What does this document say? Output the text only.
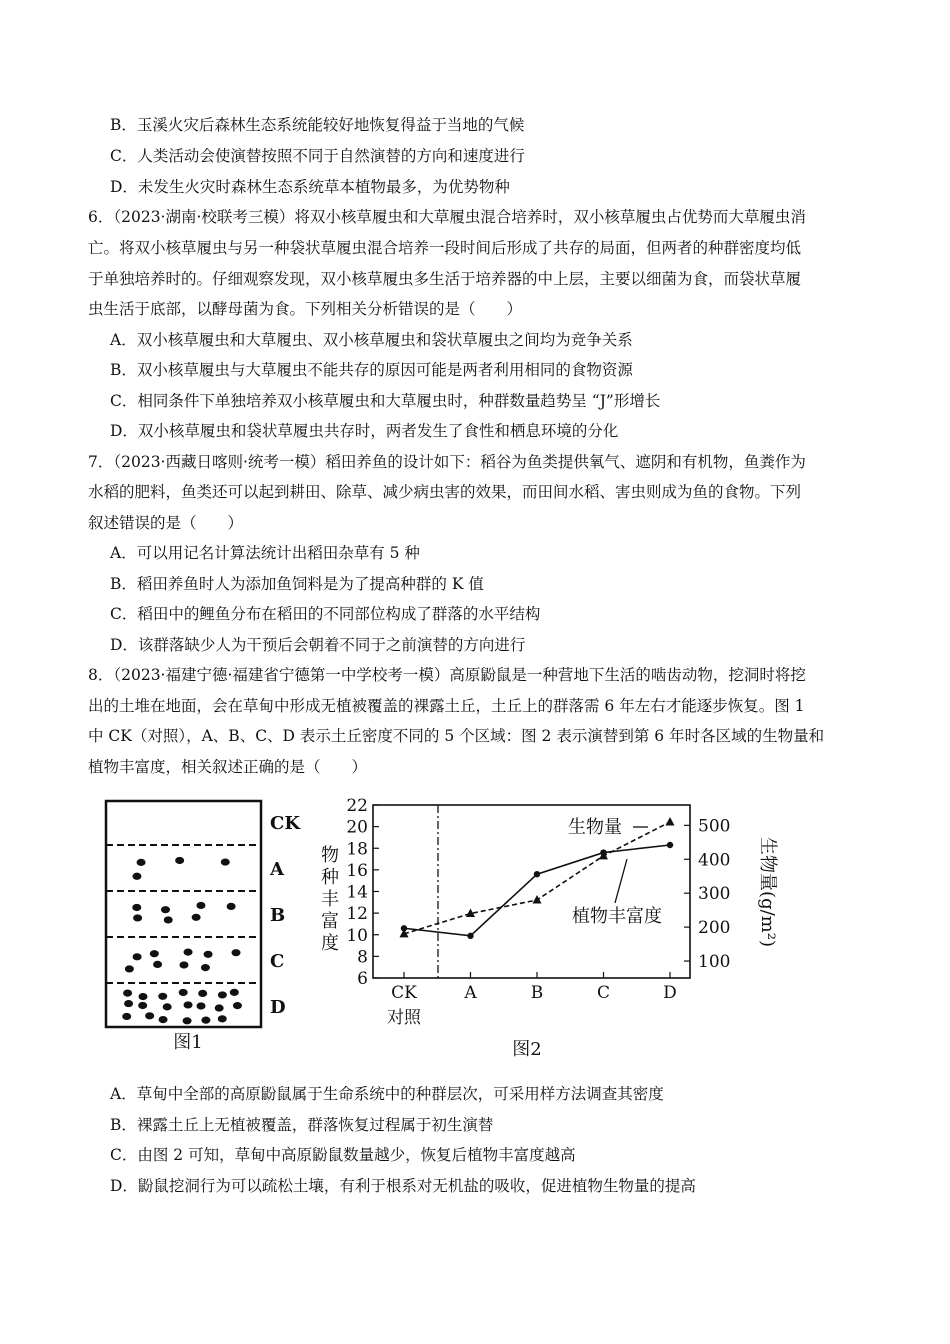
B．玉溪火灾后森林生态系统能较好地恢复得益于当地的气候
C．人类活动会使演替按照不同于自然演替的方向和速度进行
D．未发生火灾时森林生态系统草本植物最多，为优势物种
6．（2023·湖南·校联考三模）将双小核草履虫和大草履虫混合培养时，双小核草履虫占优势而大草履虫消
亡。将双小核草履虫与另一种袋状草履虫混合培养一段时间后形成了共存的局面，但两者的种群密度均低
于单独培养时的。仔细观察发现，双小核草履虫多生活于培养器的中上层，主要以细菌为食，而袋状草履
虫生活于底部，以酵母菌为食。下列相关分析错误的是（　　）
A．双小核草履虫和大草履虫、双小核草履虫和袋状草履虫之间均为竞争关系
B．双小核草履虫与大草履虫不能共存的原因可能是两者利用相同的食物资源
C．相同条件下单独培养双小核草履虫和大草履虫时，种群数量趋势呈 “J”形增长
D．双小核草履虫和袋状草履虫共存时，两者发生了食性和栖息环境的分化
7．（2023·西藏日喀则·统考一模）稻田养鱼的设计如下：稻谷为鱼类提供氧气、遮阴和有机物，鱼粪作为
水稻的肥料，鱼类还可以起到耕田、除草、减少病虫害的效果，而田间水稻、害虫则成为鱼的食物。下列
叙述错误的是（　　）
A．可以用记名计算法统计出稻田杂草有 5 种
B．稻田养鱼时人为添加鱼饲料是为了提高种群的 K 值
C．稻田中的鲤鱼分布在稻田的不同部位构成了群落的水平结构
D．该群落缺少人为干预后会朝着不同于之前演替的方向进行
8．（2023·福建宁德·福建省宁德第一中学校考一模）高原鼢鼠是一种营地下生活的啮齿动物，挖洞时将挖
出的土堆在地面，会在草甸中形成无植被覆盖的裸露土丘，土丘上的群落需 6 年左右才能逐步恢复。图 1
中 CK（对照），A、B、C、D 表示土丘密度不同的 5 个区域：图 2 表示演替到第 6 年时各区域的生物量和
植物丰富度，相关叙述正确的是（　　）
A．草甸中全部的高原鼢鼠属于生命系统中的种群层次，可采用样方法调查其密度
B．裸露土丘上无植被覆盖，群落恢复过程属于初生演替
C．由图 2 可知，草甸中高原鼢鼠数量越少，恢复后植物丰富度越高
D．鼢鼠挖洞行为可以疏松土壤，有利于根系对无机盐的吸收，促进植物生物量的提高
CK
A
B
C
D
图1
6
8
10
12
14
16
18
20
22
100
200
300
400
500
CK	A	B	C	D
对照
物
种
丰
富
度	生物量(g/m²)
生物量
植物丰富度
图2
